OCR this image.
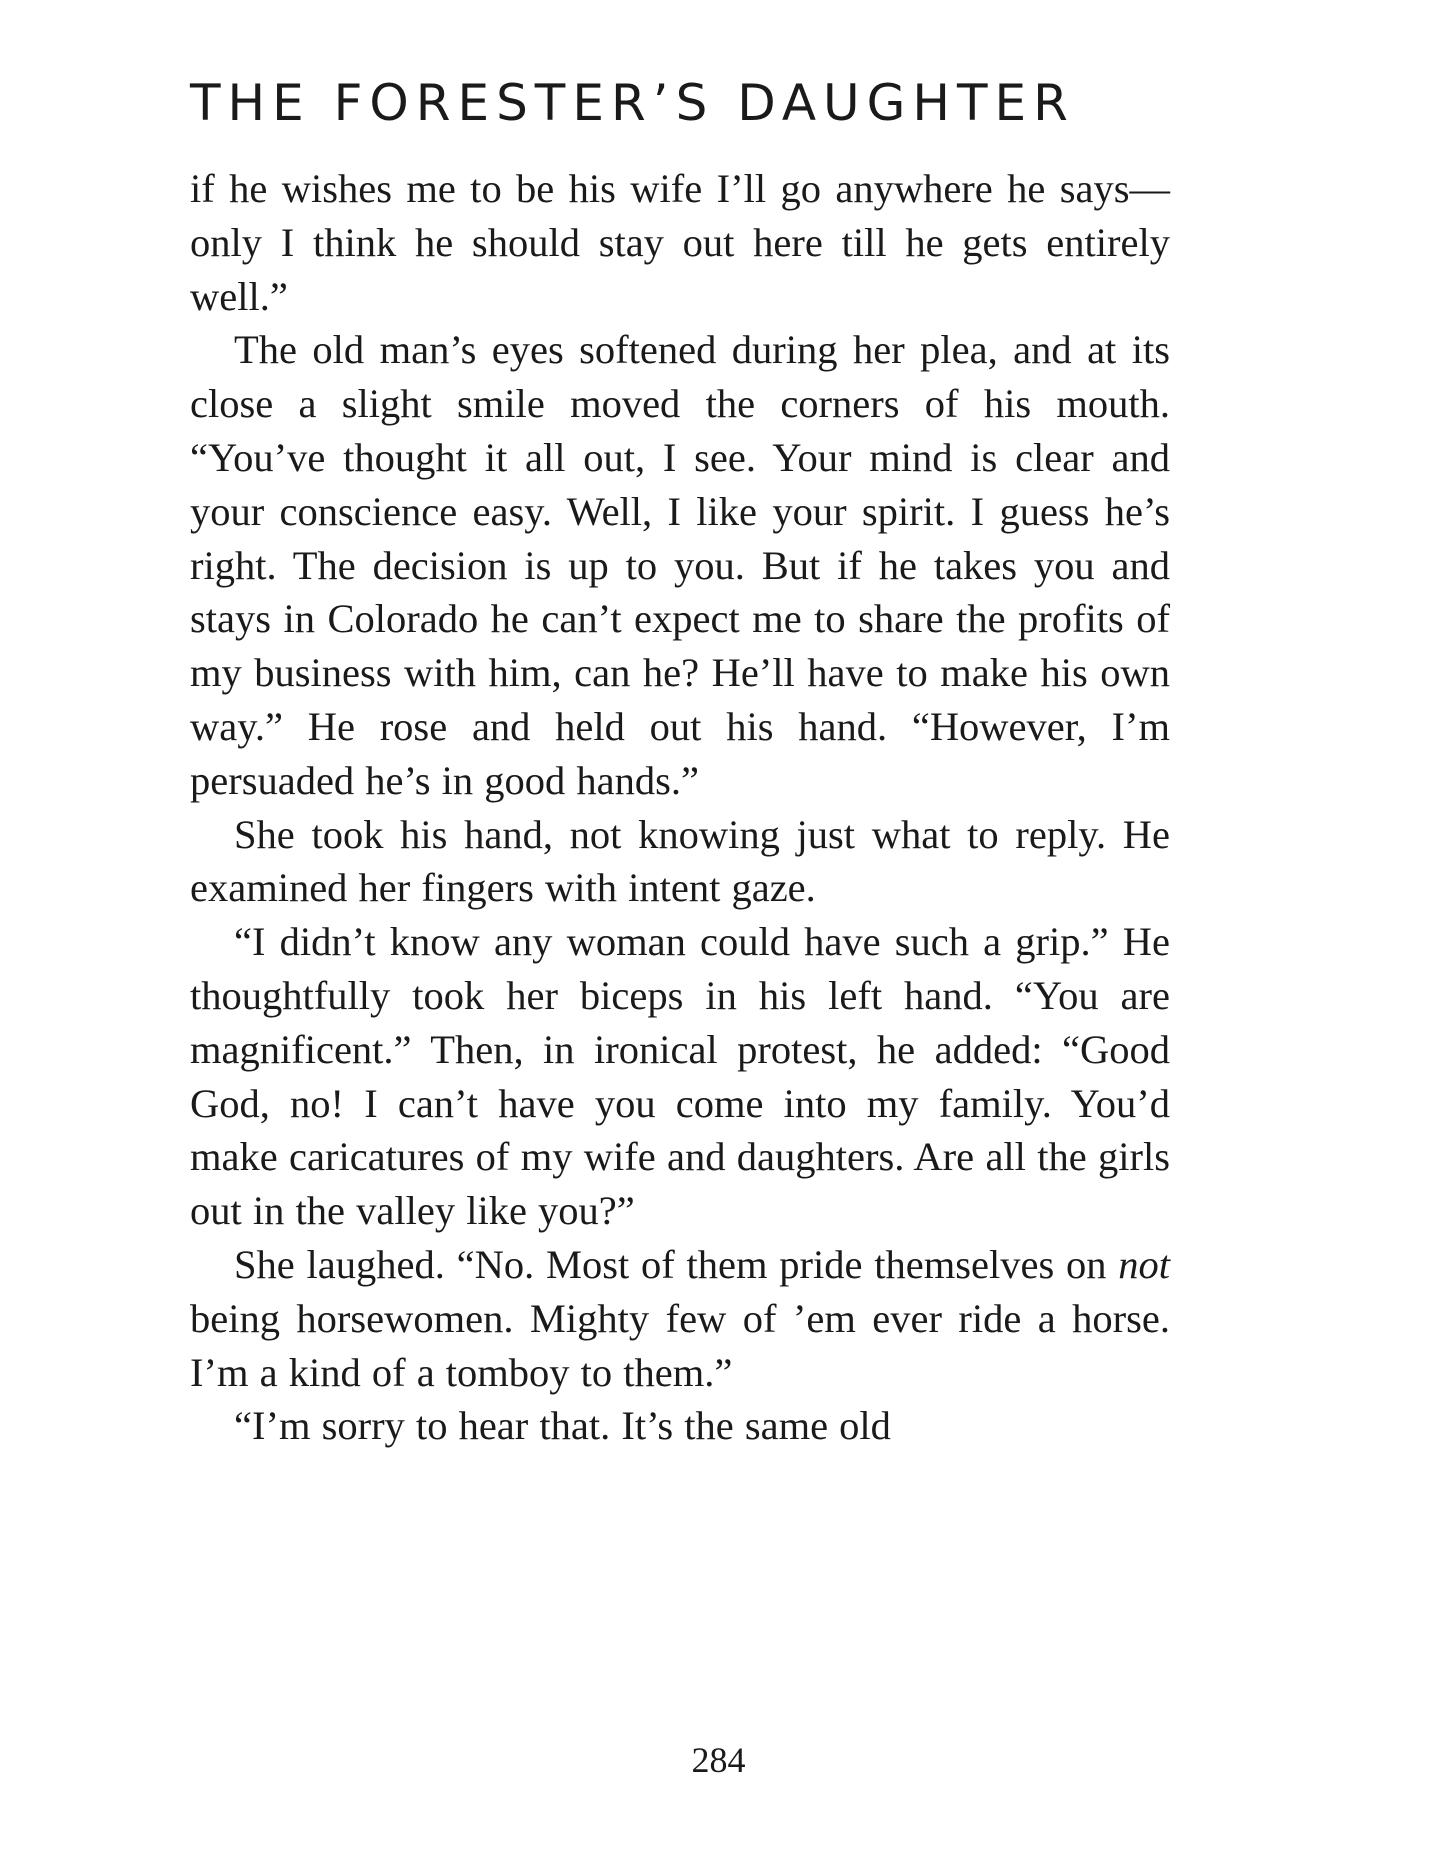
THE FORESTER’S DAUGHTER

if he wishes me to be his wife I’ll go anywhere he says—only I think he should stay out here till he gets entirely well.”

The old man’s eyes softened during her plea, and at its close a slight smile moved the corners of his mouth. “You’ve thought it all out, I see. Your mind is clear and your conscience easy. Well, I like your spirit. I guess he’s right. The decision is up to you. But if he takes you and stays in Colorado he can’t expect me to share the profits of my business with him, can he? He’ll have to make his own way.” He rose and held out his hand. “However, I’m persuaded he’s in good hands.”

She took his hand, not knowing just what to reply. He examined her fingers with intent gaze.

“I didn’t know any woman could have such a grip.” He thoughtfully took her biceps in his left hand. “You are magnificent.” Then, in ironical protest, he added: “Good God, no! I can’t have you come into my family. You’d make caricatures of my wife and daughters. Are all the girls out in the valley like you?”

She laughed. “No. Most of them pride themselves on not being horsewomen. Mighty few of ’em ever ride a horse. I’m a kind of a tomboy to them.”

“I’m sorry to hear that. It’s the same old

284
